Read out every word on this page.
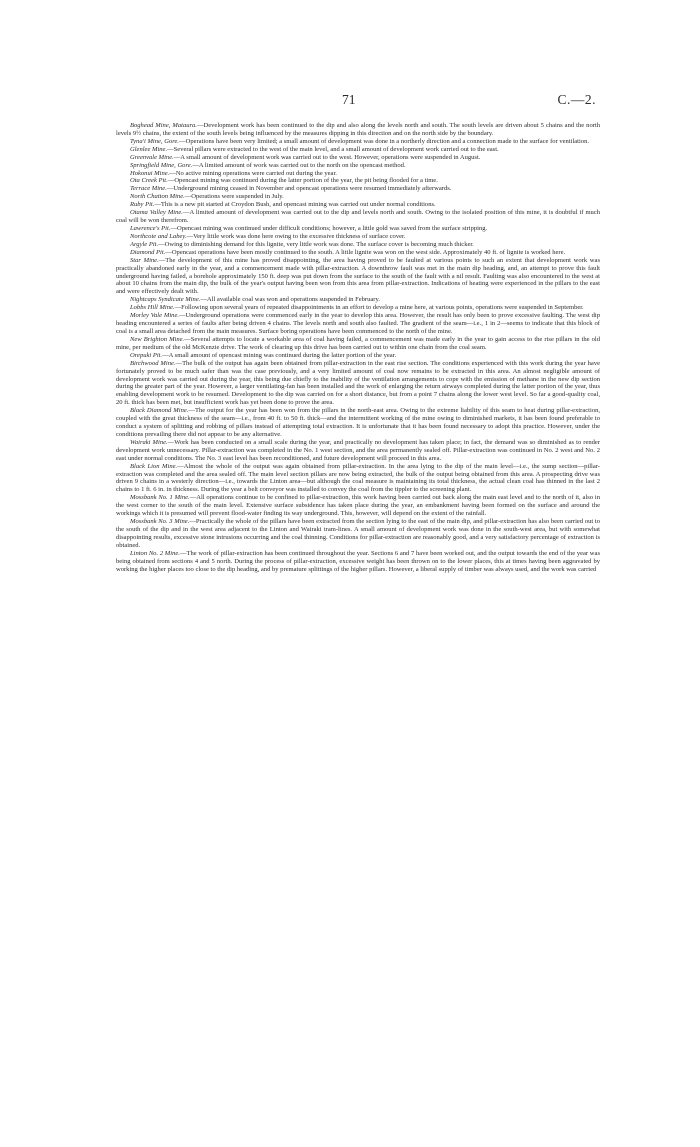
71	C.—2.

Boghead Mine, Mataura.—Development work has been continued to the dip and also along the levels north and south. The south levels are driven about 5 chains and the north levels 9½ chains, the extent of the south levels being influenced by the measures dipping in this direction and on the north side by the boundary.

Tyna'i Mine, Gore.—Operations have been very limited; a small amount of development was done in a northerly direction and a connection made to the surface for ventilation.

Glenlee Mine.—Several pillars were extracted to the west of the main level, and a small amount of development work carried out to the east.

Greenvale Mine.—A small amount of development work was carried out to the west. However, operations were suspended in August.

Springfield Mine, Gore.—A limited amount of work was carried out to the north on the opencast method.

Hokonui Mine.—No active mining operations were carried out during the year.

Ota Creek Pit.—Opencast mining was continued during the latter portion of the year, the pit being flooded for a time.

Terrace Mine.—Underground mining ceased in November and opencast operations were resumed immediately afterwards.

North Chatton Mine.—Operations were suspended in July.

Ruby Pit.—This is a new pit started at Croydon Bush, and opencast mining was carried out under normal conditions.

Otama Valley Mine.—A limited amount of development was carried out to the dip and levels north and south. Owing to the isolated position of this mine, it is doubtful if much coal will be won therefrom.

Lawrence's Pit.—Opencast mining was continued under difficult conditions; however, a little gold was saved from the surface stripping.

Northcote and Labey.—Very little work was done here owing to the excessive thickness of surface cover.

Argyle Pit.—Owing to diminishing demand for this lignite, very little work was done. The surface cover is becoming much thicker.

Diamond Pit.—Opencast operations have been mostly continued to the south. A little lignite was won on the west side. Approximately 40 ft. of lignite is worked here.

Star Mine.—The development of this mine has proved disappointing, the area having proved to be faulted at various points to such an extent that development work was practically abandoned early in the year, and a commencement made with pillar-extraction. A downthrow fault was met in the main dip heading, and, an attempt to prove this fault underground having failed, a borehole approximately 150 ft. deep was put down from the surface to the south of the fault with a nil result. Faulting was also encountered to the west at about 10 chains from the main dip, the bulk of the year's output having been won from this area from pillar-extraction. Indications of heating were experienced in the pillars to the east and were effectively dealt with.

Nightcaps Syndicate Mine.—All available coal was won and operations suspended in February.

Lobbs Hill Mine.—Following upon several years of repeated disappointments in an effort to develop a mine here, at various points, operations were suspended in September.

Morley Vale Mine.—Underground operations were commenced early in the year to develop this area. However, the result has only been to prove excessive faulting. The west dip heading encountered a series of faults after being driven 4 chains. The levels north and south also faulted. The gradient of the seam—i.e., 1 in 2—seems to indicate that this block of coal is a small area detached from the main measures. Surface boring operations have been commenced to the north of the mine.

New Brighton Mine.—Several attempts to locate a workable area of coal having failed, a commencement was made early in the year to gain access to the rise pillars in the old mine, per medium of the old McKenzie drive. The work of clearing up this drive has been carried out to within one chain from the coal seam.

Orepuki Pit.—A small amount of opencast mining was continued during the latter portion of the year.

Birchwood Mine.—The bulk of the output has again been obtained from pillar-extraction in the east rise section. The conditions experienced with this work during the year have fortunately proved to be much safer than was the case previously, and a very limited amount of coal now remains to be extracted in this area. An almost negligible amount of development work was carried out during the year, this being due chiefly to the inability of the ventilation arrangements to cope with the emission of methane in the new dip section during the greater part of the year. However, a larger ventilating-fan has been installed and the work of enlarging the return airways completed during the latter portion of the year, thus enabling development work to be resumed. Development to the dip was carried on for a short distance, but from a point 7 chains along the lower west level. So far a good-quality coal, 20 ft. thick has been met, but insufficient work has yet been done to prove the area.

Black Diamond Mine.—The output for the year has been won from the pillars in the north-east area. Owing to the extreme liability of this seam to heat during pillar-extraction, coupled with the great thickness of the seam—i.e., from 40 ft. to 50 ft. thick—and the intermittent working of the mine owing to diminished markets, it has been found preferable to conduct a system of splitting and robbing of pillars instead of attempting total extraction. It is unfortunate that it has been found necessary to adopt this practice. However, under the conditions prevailing there did not appear to be any alternative.

Wairaki Mine.—Work has been conducted on a small scale during the year, and practically no development has taken place; in fact, the demand was so diminished as to render development work unnecessary. Pillar-extraction was completed in the No. 1 west section, and the area permanently sealed off. Pillar-extraction was continued in No. 2 west and No. 2 east under normal conditions. The No. 3 east level has been reconditioned, and future development will proceed in this area.

Black Lion Mine.—Almost the whole of the output was again obtained from pillar-extraction. In the area lying to the dip of the main level—i.e., the sump section—pillar-extraction was completed and the area sealed off. The main level section pillars are now being extracted, the bulk of the output being obtained from this area. A prospecting drive was driven 9 chains in a westerly direction—i.e., towards the Linton area—but although the coal measure is maintaining its total thickness, the actual clean coal has thinned in the last 2 chains to 1 ft. 6 in. in thickness. During the year a belt conveyor was installed to convey the coal from the tippler to the screening plant.

Mossbank No. 1 Mine.—All operations continue to be confined to pillar-extraction, this work having been carried out back along the main east level and to the north of it, also in the west corner to the south of the main level. Extensive surface subsidence has taken place during the year, an embankment having been formed on the surface and around the workings which it is presumed will prevent flood-water finding its way underground. This, however, will depend on the extent of the rainfall.

Mossbank No. 3 Mine.—Practically the whole of the pillars have been extracted from the section lying to the east of the main dip, and pillar-extraction has also been carried out to the south of the dip and in the west area adjacent to the Linton and Wairaki tram-lines. A small amount of development work was done in the south-west area, but with somewhat disappointing results, excessive stone intrusions occurring and the coal thinning. Conditions for pillar-extraction are reasonably good, and a very satisfactory percentage of extraction is obtained.

Linton No. 2 Mine.—The work of pillar-extraction has been continued throughout the year. Sections 6 and 7 have been worked out, and the output towards the end of the year was being obtained from sections 4 and 5 north. During the process of pillar-extraction, excessive weight has been thrown on to the lower places, this at times having been aggravated by working the higher places too close to the dip heading, and by premature splittings of the higher pillars. However, a liberal supply of timber was always used, and the work was carried
